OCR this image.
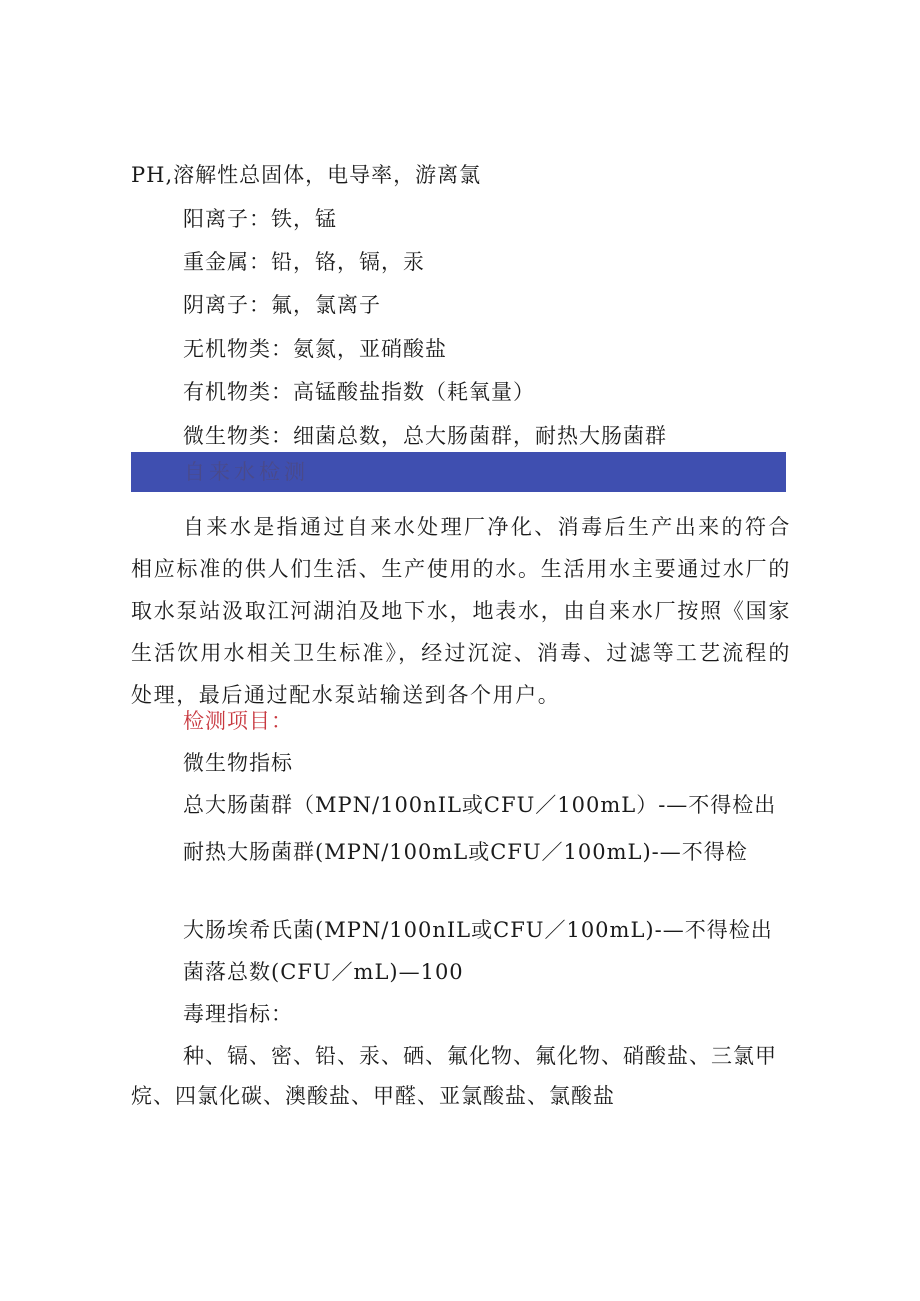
PH,溶解性总固体，电导率，游离氯
阳离子：铁，锰
重金属：铅，铬，镉，汞
阴离子：氟，氯离子
无机物类：氨氮，亚硝酸盐
有机物类：高锰酸盐指数（耗氧量）
微生物类：细菌总数，总大肠菌群，耐热大肠菌群
自来水检测
自来水是指通过自来水处理厂净化、消毒后生产出来的符合相应标准的供人们生活、生产使用的水。生活用水主要通过水厂的取水泵站汲取江河湖泊及地下水，地表水，由自来水厂按照《国家生活饮用水相关卫生标准》，经过沉淀、消毒、过滤等工艺流程的处理，最后通过配水泵站输送到各个用户。
检测项目：
微生物指标
总大肠菌群（MPN/100nIL或CFU／100mL）-—不得检出
耐热大肠菌群(MPN/100mL或CFU／100mL)-—不得检
大肠埃希氏菌(MPN/100nIL或CFU／100mL)-—不得检出
菌落总数(CFU／mL)—100
毒理指标：
种、镉、密、铅、汞、硒、氟化物、氟化物、硝酸盐、三氯甲
烷、四氯化碳、澳酸盐、甲醛、亚氯酸盐、氯酸盐
